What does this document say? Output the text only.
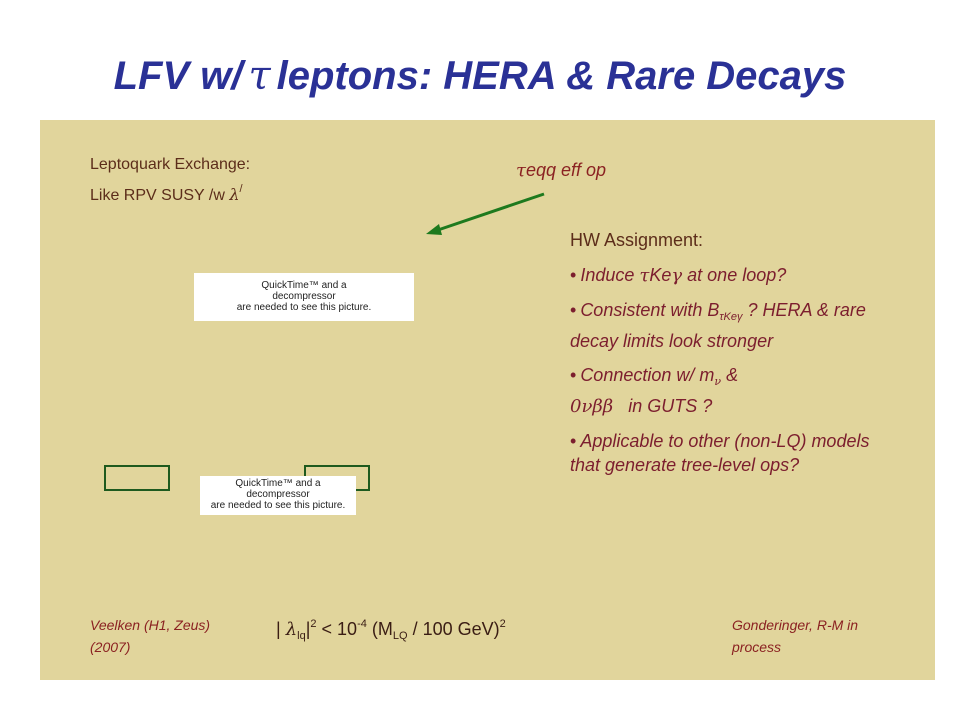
LFV w/ τ leptons: HERA & Rare Decays
Leptoquark Exchange:
Like RPV SUSY /w λ/
τeqq eff op
QuickTime™ and a
decompressor
are needed to see this picture.
QuickTime™ and a
decompressor
are needed to see this picture.
HW Assignment:
• Induce τKeγ at one loop?
• Consistent with $B_{\tau Ke\gamma}$ ? HERA & rare decay limits look stronger
• Connection w/ $m_\nu$ &
0νββ in GUTS ?
• Applicable to other (non-LQ) models that generate tree-level ops?
Veelken (H1, Zeus)
(2007)
| $\lambda_{lq}|^2 < 10^{-4}$ ($M_{LQ} / 100$ GeV)$^2$	Gonderinger, R-M in
process
